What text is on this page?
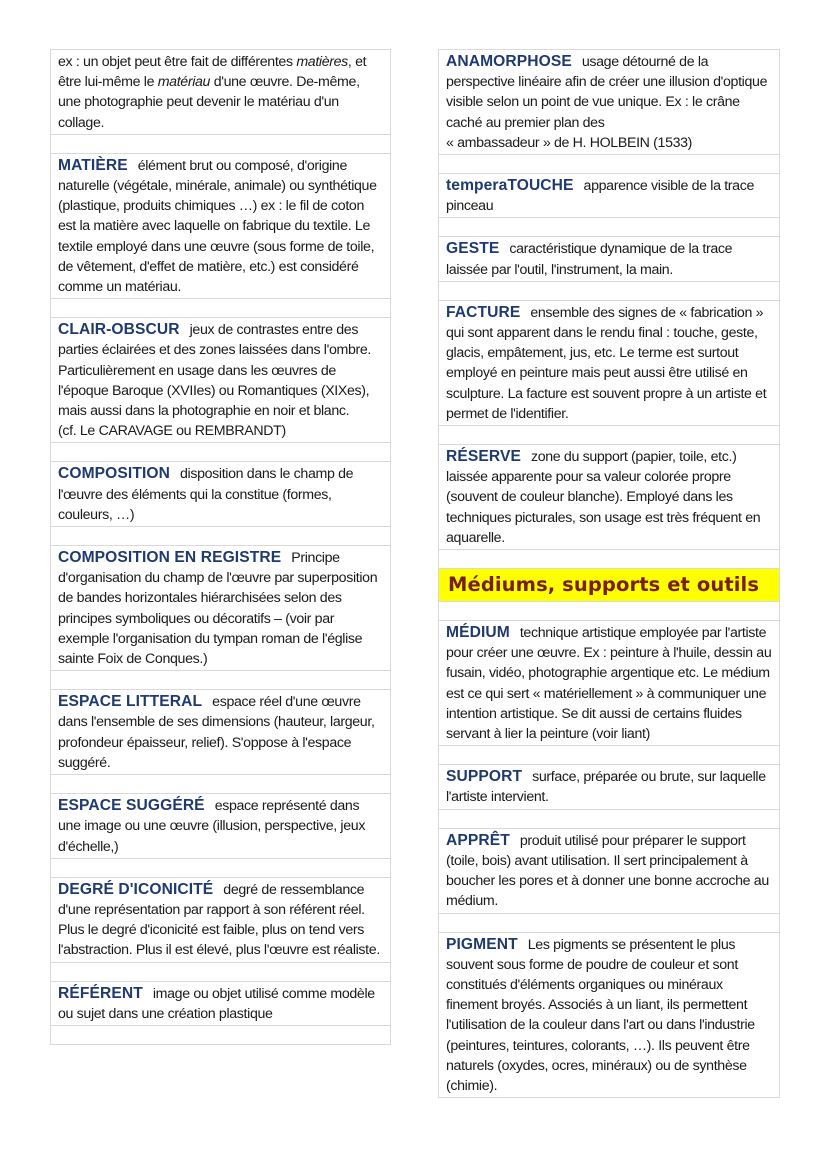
ex : un objet peut être fait de différentes matières, et être lui-même le matériau d'une œuvre. De-même, une photographie peut devenir le matériau d'un collage.
MATIÈRE élément brut ou composé, d'origine naturelle (végétale, minérale, animale) ou synthétique (plastique, produits chimiques …) ex : le fil de coton est la matière avec laquelle on fabrique du textile. Le textile employé dans une œuvre (sous forme de toile, de vêtement, d'effet de matière, etc.) est considéré comme un matériau.
CLAIR-OBSCUR jeux de contrastes entre des parties éclairées et des zones laissées dans l'ombre. Particulièrement en usage dans les œuvres de l'époque Baroque (XVIIes) ou Romantiques (XIXes), mais aussi dans la photographie en noir et blanc.
(cf. Le CARAVAGE ou REMBRANDT)
COMPOSITION disposition dans le champ de l'œuvre des éléments qui la constitue (formes, couleurs, …)
COMPOSITION EN REGISTRE Principe d'organisation du champ de l'œuvre par superposition de bandes horizontales hiérarchisées selon des principes symboliques ou décoratifs – (voir par exemple l'organisation du tympan roman de l'église sainte Foix de Conques.)
ESPACE LITTERAL espace réel d'une œuvre dans l'ensemble de ses dimensions (hauteur, largeur, profondeur épaisseur, relief). S'oppose à l'espace suggéré.
ESPACE SUGGÉRÉ espace représenté dans une image ou une œuvre (illusion, perspective, jeux d'échelle,)
DEGRÉ D'ICONICITÉ degré de ressemblance d'une représentation par rapport à son référent réel. Plus le degré d'iconicité est faible, plus on tend vers l'abstraction. Plus il est élevé, plus l'œuvre est réaliste.
RÉFÉRENT image ou objet utilisé comme modèle ou sujet dans une création plastique
ANAMORPHOSE usage détourné de la perspective linéaire afin de créer une illusion d'optique visible selon un point de vue unique. Ex : le crâne caché au premier plan des
« ambassadeur » de H. HOLBEIN (1533)
temperaTOUCHE apparence visible de la trace pinceau
GESTE caractéristique dynamique de la trace laissée par l'outil, l'instrument, la main.
FACTURE ensemble des signes de « fabrication » qui sont apparent dans le rendu final : touche, geste, glacis, empâtement, jus, etc. Le terme est surtout employé en peinture mais peut aussi être utilisé en sculpture. La facture est souvent propre à un artiste et permet de l'identifier.
RÉSERVE zone du support (papier, toile, etc.) laissée apparente pour sa valeur colorée propre (souvent de couleur blanche). Employé dans les techniques picturales, son usage est très fréquent en aquarelle.
Médiums, supports et outils
MÉDIUM technique artistique employée par l'artiste pour créer une œuvre. Ex : peinture à l'huile, dessin au fusain, vidéo, photographie argentique etc. Le médium est ce qui sert « matériellement » à communiquer une intention artistique. Se dit aussi de certains fluides servant à lier la peinture (voir liant)
SUPPORT surface, préparée ou brute, sur laquelle l'artiste intervient.
APPRÊT produit utilisé pour préparer le support (toile, bois) avant utilisation. Il sert principalement à boucher les pores et à donner une bonne accroche au médium.
PIGMENT Les pigments se présentent le plus souvent sous forme de poudre de couleur et sont constitués d'éléments organiques ou minéraux finement broyés. Associés à un liant, ils permettent l'utilisation de la couleur dans l'art ou dans l'industrie (peintures, teintures, colorants, …). Ils peuvent être naturels (oxydes, ocres, minéraux) ou de synthèse (chimie).
